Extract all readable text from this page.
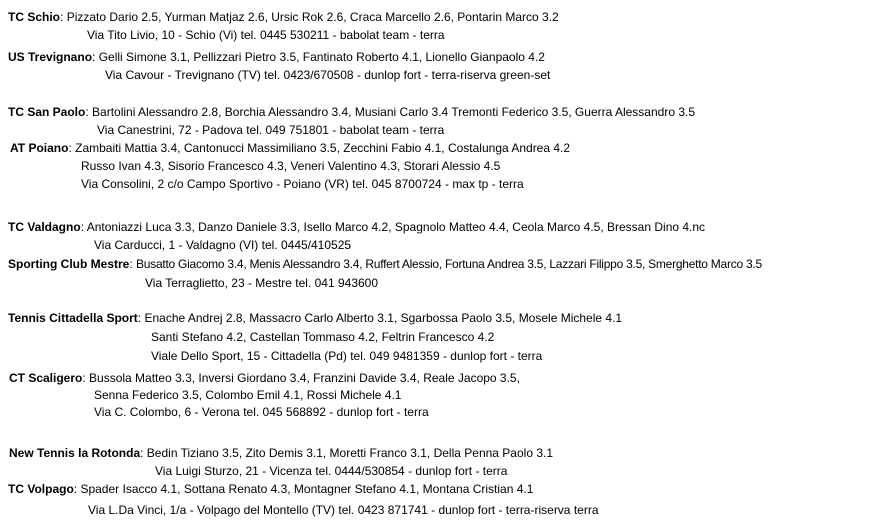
TC Schio: Pizzato Dario 2.5, Yurman Matjaz 2.6, Ursic Rok 2.6, Craca Marcello 2.6, Pontarin Marco 3.2
Via Tito Livio, 10 - Schio (Vi) tel. 0445 530211 - babolat team - terra
US Trevignano: Gelli Simone 3.1, Pellizzari Pietro 3.5, Fantinato Roberto 4.1, Lionello Gianpaolo 4.2
Via Cavour - Trevignano (TV) tel. 0423/670508 - dunlop fort - terra-riserva green-set
TC San Paolo: Bartolini Alessandro 2.8, Borchia Alessandro 3.4, Musiani Carlo 3.4 Tremonti Federico 3.5, Guerra Alessandro 3.5
Via Canestrini, 72 - Padova tel. 049 751801 - babolat team - terra
AT Poiano: Zambaiti Mattia 3.4, Cantonucci Massimiliano 3.5, Zecchini Fabio 4.1, Costalunga Andrea 4.2
Russo Ivan 4.3, Sisorio Francesco 4.3, Veneri Valentino 4.3, Storari Alessio 4.5
Via Consolini, 2 c/o Campo Sportivo - Poiano (VR) tel. 045 8700724 - max tp - terra
TC Valdagno: Antoniazzi Luca 3.3, Danzo Daniele 3.3, Isello Marco 4.2, Spagnolo Matteo 4.4, Ceola Marco 4.5, Bressan Dino 4.nc
Via Carducci, 1 - Valdagno (VI) tel. 0445/410525
Sporting Club Mestre: Busatto Giacomo 3.4, Menis Alessandro 3.4, Ruffert Alessio, Fortuna Andrea 3.5, Lazzari Filippo 3.5, Smerghetto Marco 3.5
Via Terraglietto, 23 - Mestre tel. 041 943600
Tennis Cittadella Sport: Enache Andrej 2.8, Massacro Carlo Alberto 3.1, Sgarbossa Paolo 3.5, Mosele Michele 4.1
Santi Stefano 4.2, Castellan Tommaso 4.2, Feltrin Francesco 4.2
Viale Dello Sport, 15 - Cittadella (Pd) tel. 049 9481359 - dunlop fort - terra
CT Scaligero: Bussola Matteo 3.3, Inversi Giordano 3.4, Franzini Davide 3.4, Reale Jacopo 3.5,
Senna Federico 3.5, Colombo Emil 4.1, Rossi Michele 4.1
Via C. Colombo, 6 - Verona tel. 045 568892 - dunlop fort - terra
New Tennis la Rotonda: Bedin Tiziano 3.5, Zito Demis 3.1, Moretti Franco 3.1, Della Penna Paolo 3.1
Via Luigi Sturzo, 21 - Vicenza tel. 0444/530854 - dunlop fort - terra
TC Volpago: Spader Isacco 4.1, Sottana Renato 4.3, Montagner Stefano 4.1, Montana Cristian 4.1
Via L.Da Vinci, 1/a - Volpago del Montello (TV) tel. 0423 871741 - dunlop fort - terra-riserva terra
